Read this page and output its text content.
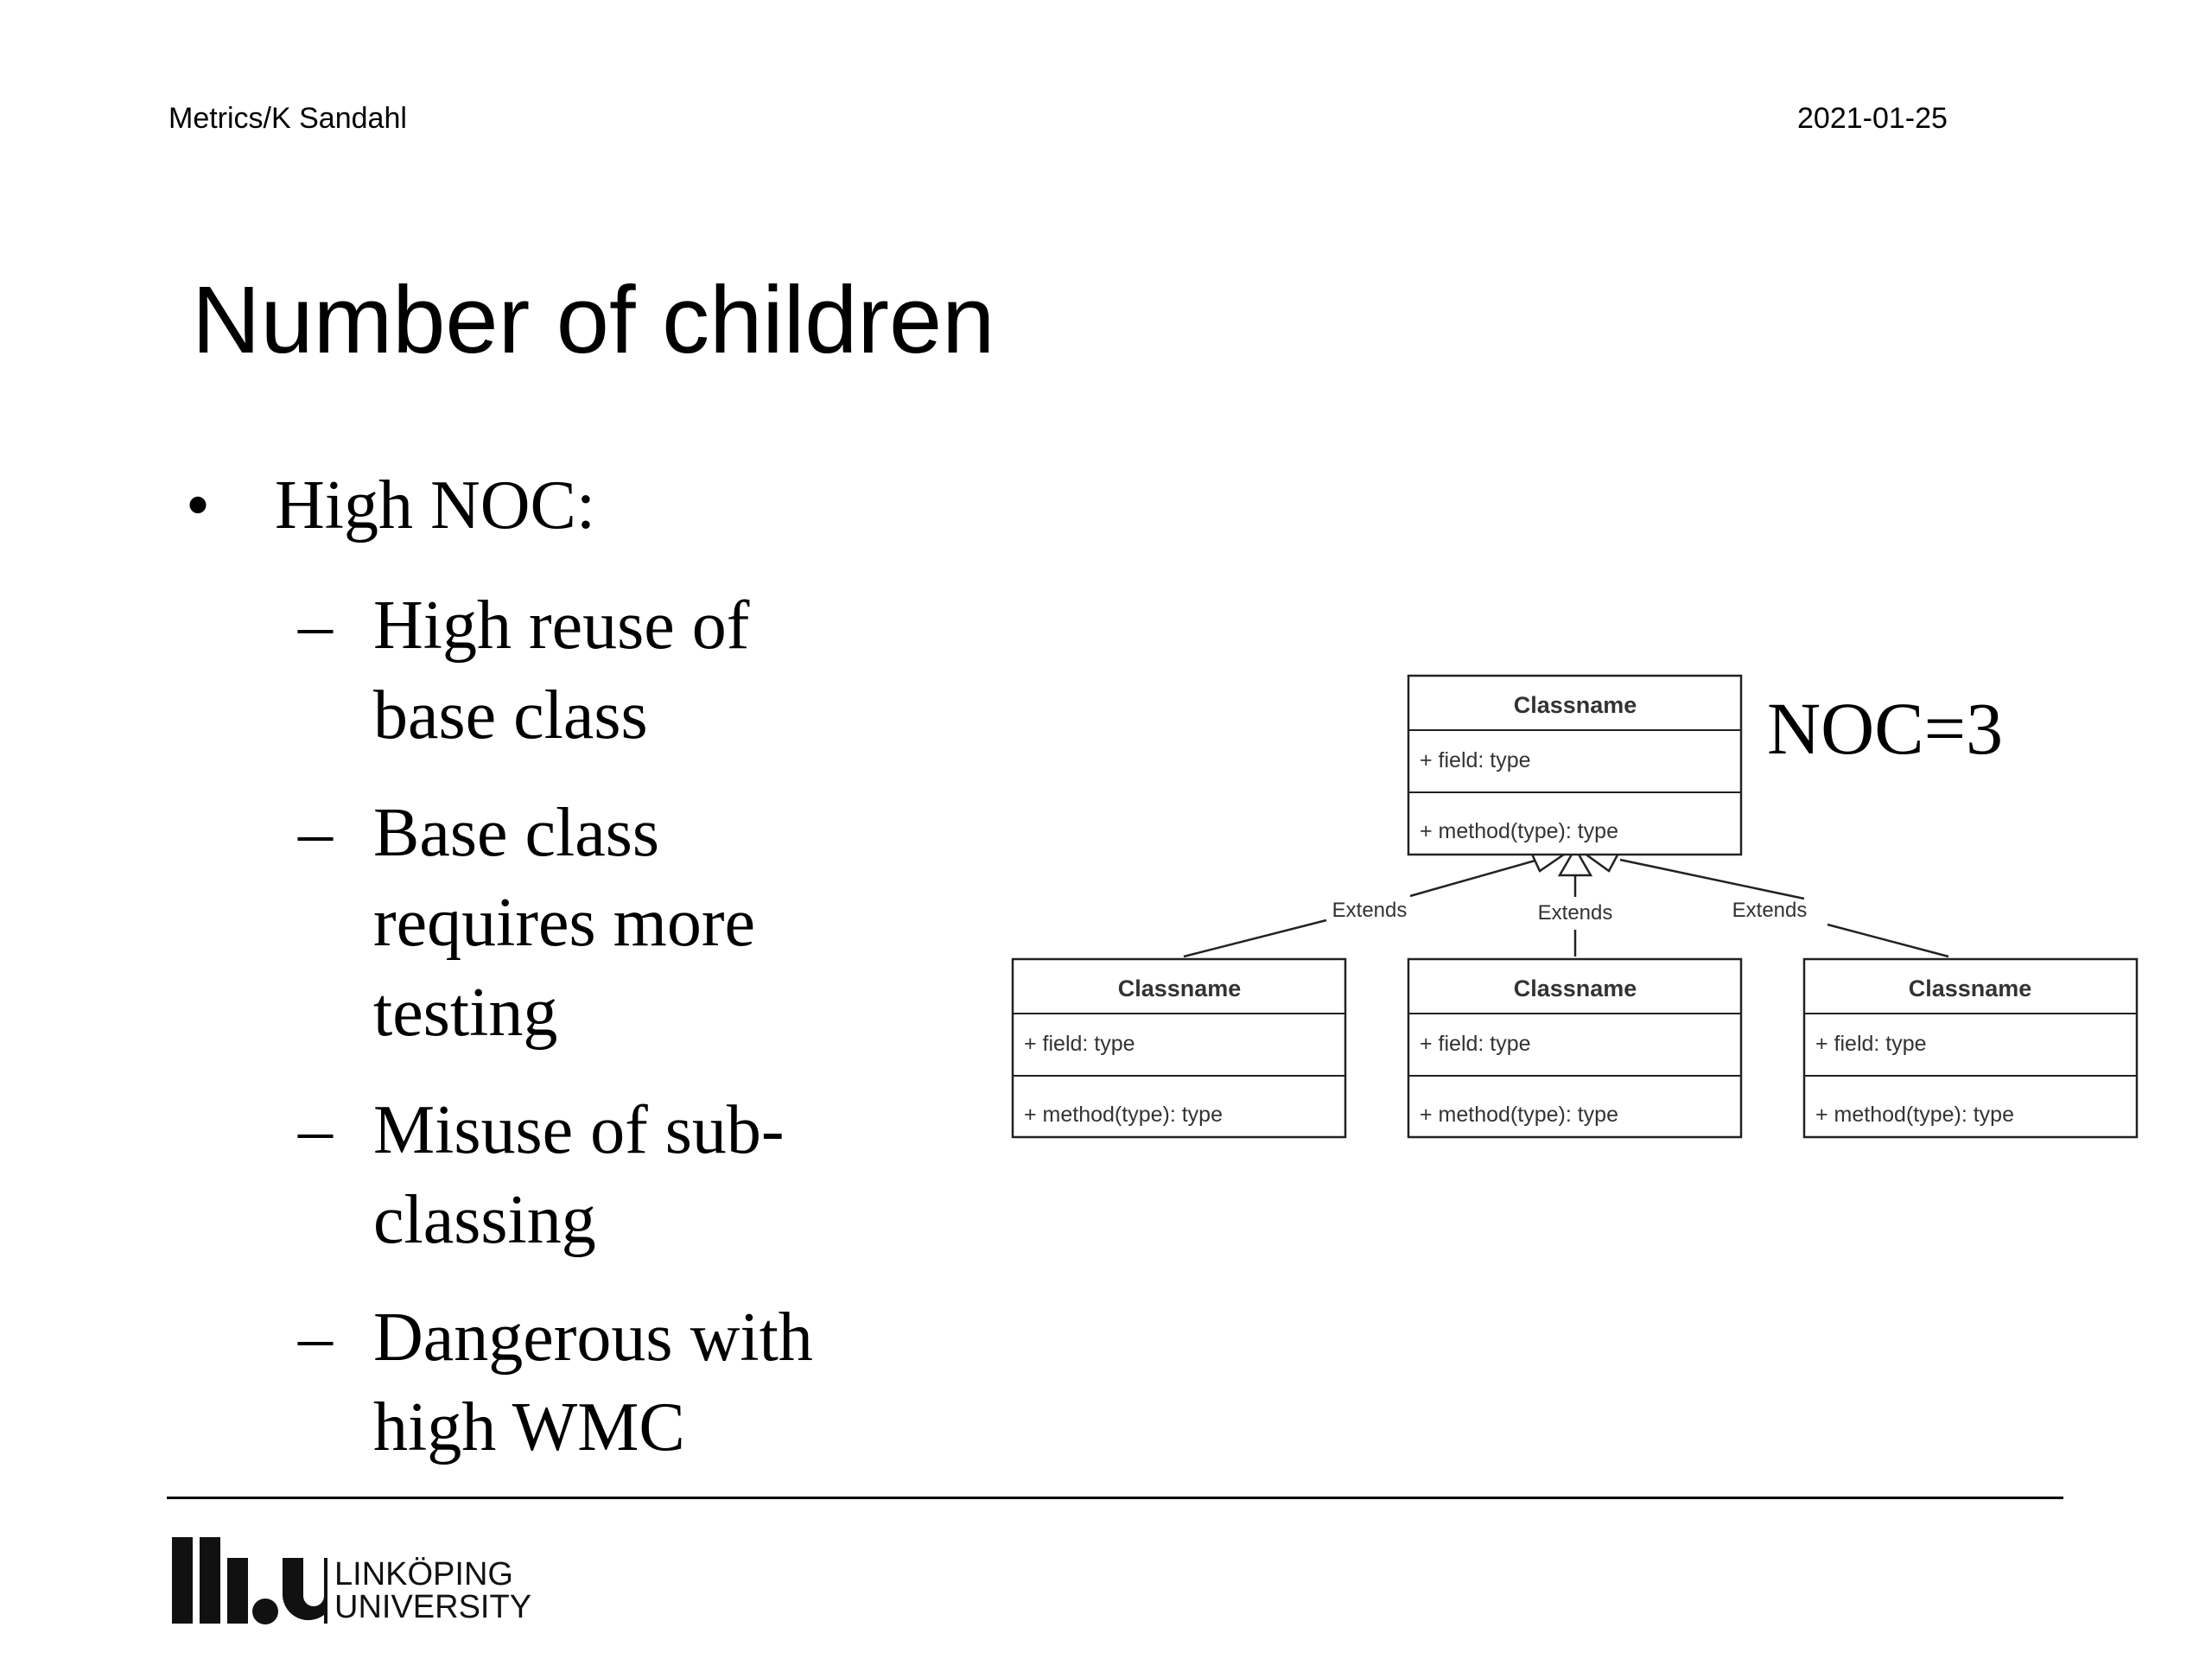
Metrics/K Sandahl	2021-01-25
Number of children
• High NOC:
– High reuse of
base class
– Base class
requires more
testing
– Misuse of sub-
classing
– Dangerous with
high WMC
Extends	Extends	Extends
Classname
+ field: type
+ method(type): type
Classname
+ field: type
+ method(type): type
Classname
+ field: type
+ method(type): type
Classname
+ field: type
+ method(type): type
NOC=3
LINKÖPING
UNIVERSITY
